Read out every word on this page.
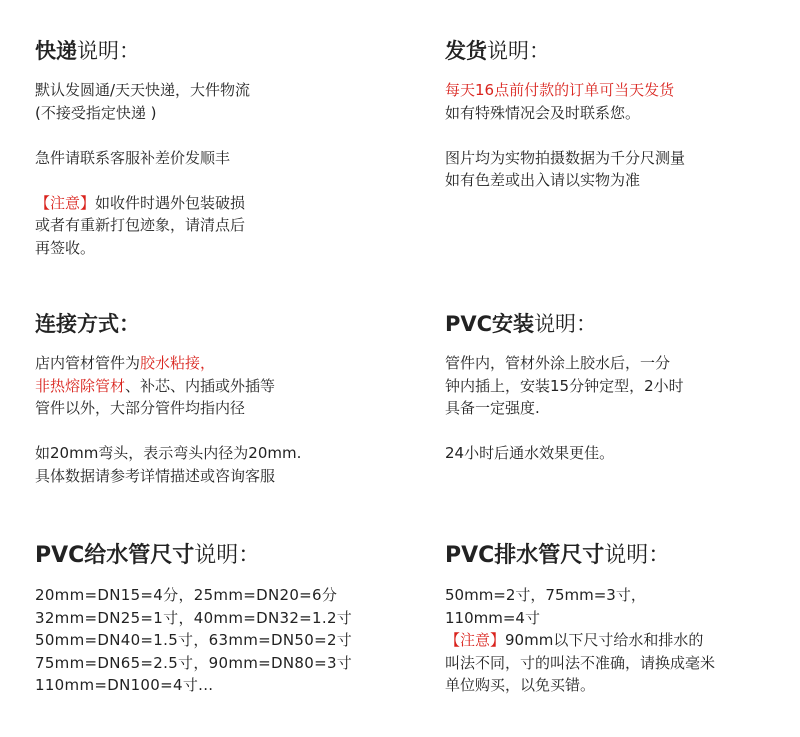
快递说明：
默认发圆通/天天快递，大件物流
(不接受指定快递 )
急件请联系客服补差价发顺丰
【注意】如收件时遇外包装破损
或者有重新打包迹象，请清点后
再签收。
发货说明：
每天16点前付款的订单可当天发货
如有特殊情况会及时联系您。
图片均为实物拍摄数据为千分尺测量
如有色差或出入请以实物为准
连接方式：
店内管材管件为胶水粘接，
非热熔除管材、补芯、内插或外插等
管件以外，大部分管件均指内径
如20mm弯头，表示弯头内径为20mm.
具体数据请参考详情描述或咨询客服
PVC安装说明：
管件内，管材外涂上胶水后，一分
钟内插上，安装15分钟定型，2小时
具备一定强度.
24小时后通水效果更佳。
PVC给水管尺寸说明：
20mm=DN15=4分，25mm=DN20=6分
32mm=DN25=1寸，40mm=DN32=1.2寸
50mm=DN40=1.5寸，63mm=DN50=2寸
75mm=DN65=2.5寸，90mm=DN80=3寸
110mm=DN100=4寸...
PVC排水管尺寸说明：
50mm=2寸，75mm=3寸，
110mm=4寸
【注意】90mm以下尺寸给水和排水的
叫法不同，寸的叫法不准确，请换成毫米
单位购买，以免买错。
